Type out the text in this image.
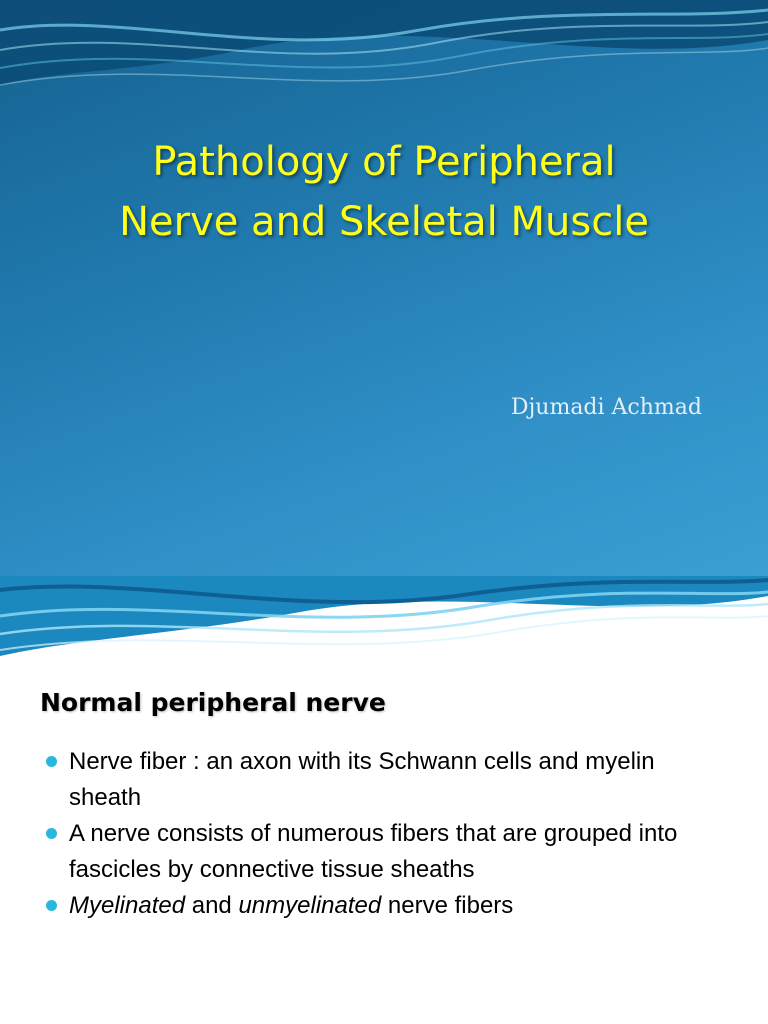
Pathology of Peripheral
Nerve and Skeletal Muscle
Djumadi Achmad
Normal peripheral nerve
Nerve fiber : an axon with its Schwann cells and myelin sheath
A nerve consists of numerous fibers that are grouped into fascicles by connective tissue sheaths
Myelinated and unmyelinated nerve fibers
